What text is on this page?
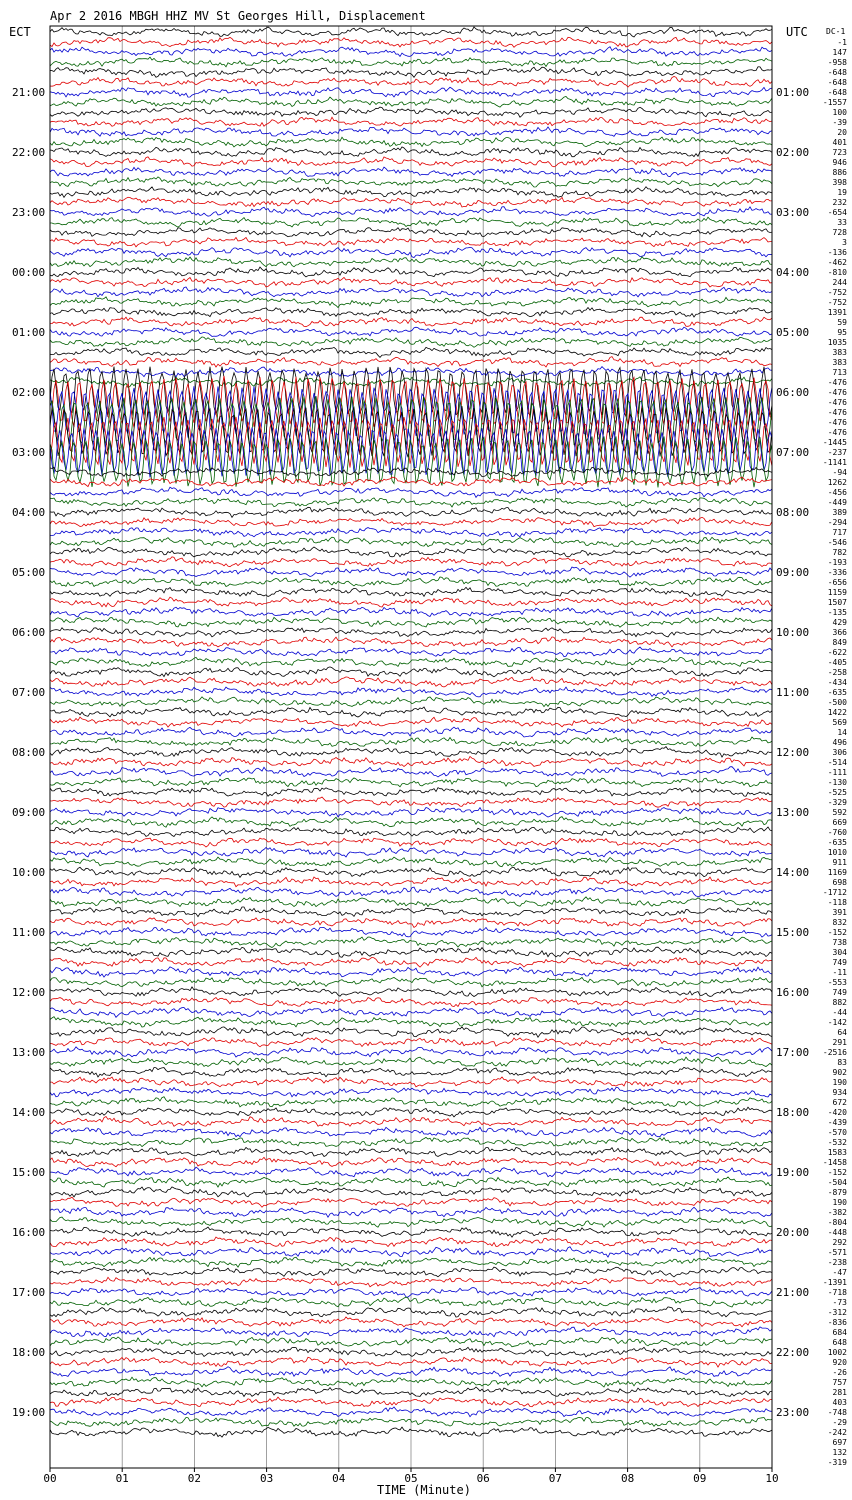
Apr 2 2016 MBGH HHZ MV St Georges Hill, Displacement
ECT	UTC DC-1
21:00
22:00
23:00
00:00
01:00
02:00
03:00
04:00
05:00
06:00
07:00
08:00
09:00
10:00
11:00
12:00
13:00
14:00
15:00
16:00
17:00
18:00
19:00
01:00
02:00
03:00
04:00
05:00
06:00
07:00
08:00
09:00
10:00
11:00
12:00
13:00
14:00
15:00
16:00
17:00
18:00
19:00
20:00
21:00
22:00
23:00
-1
147
-958
-648
-648
-648
-1557
100
-39
20
401
723
946
886
398
19
232
-654
33
728
3
-136
-462
-810
244
-752
-752
1391
59
95
1035
383
383
713
-476
-476
-476
-476
-476
-476
-1445
-237
-1141
-94
1262
-456
-449
389
-294
717
-546
782
-193
-336
-656
1159
1507
-135
429
366
849
-622
-405
-258
-434
-635
-500
1422
569
14
496
306
-514
-111
-130
-525
-329
592
669
-760
-635
1010
911
1169
698
-1712
-118
391
832
-152
738
304
749
-11
-553
749
882
-44
-142
64
291
-2516
83
902
190
934
672
-420
-439
-570
-532
1583
-1458
-152
-504
-879
190
-382
-804
-448
292
-571
-238
-47
-1391
-718
-73
-312
-836
684
648
1002
920
-26
757
281
403
-748
-29
-242
697
132
-319
00	01	02	03	04	05	06	07	08	09	10
TIME (Minute)
